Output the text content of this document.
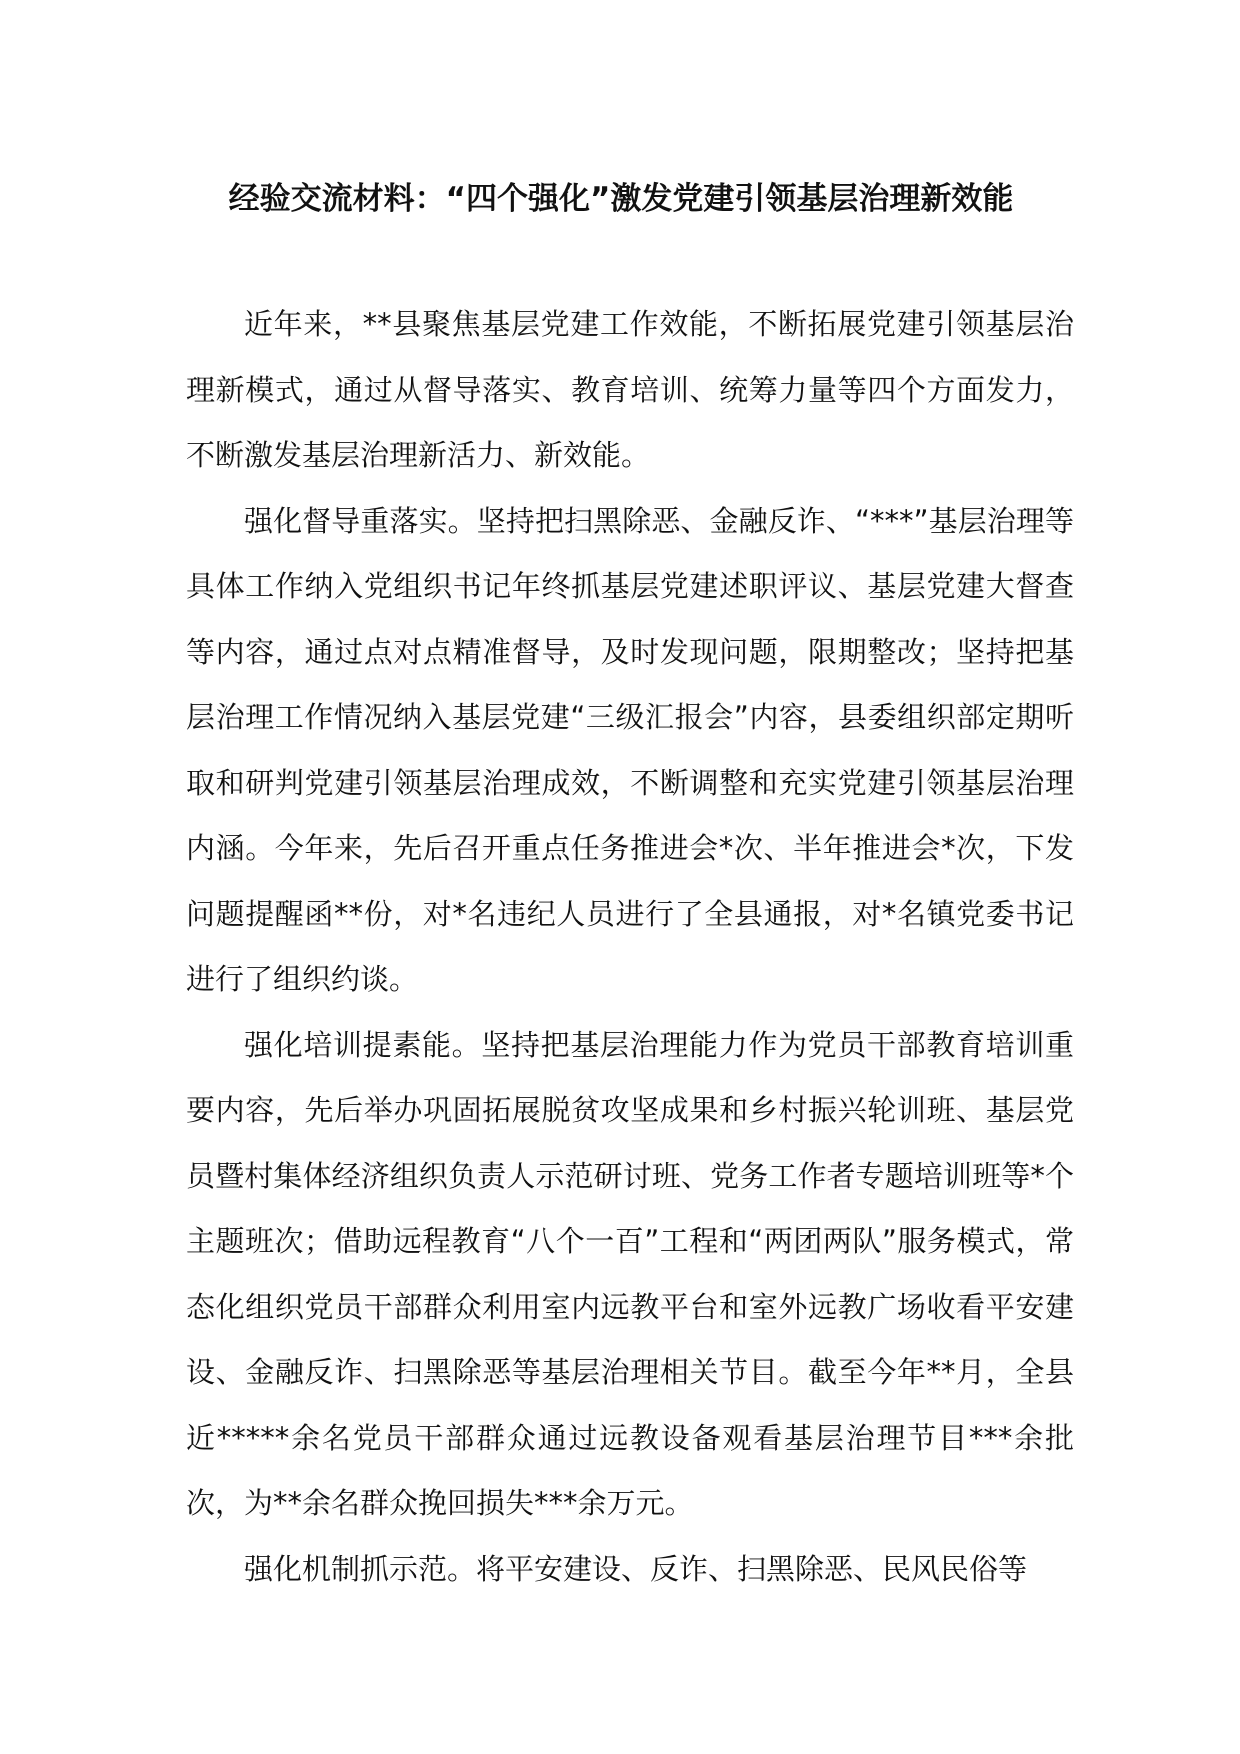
经验交流材料：“四个强化”激发党建引领基层治理新效能

近年来，**县聚焦基层党建工作效能，不断拓展党建引领基层治理新模式，通过从督导落实、教育培训、统筹力量等四个方面发力，不断激发基层治理新活力、新效能。

强化督导重落实。坚持把扫黑除恶、金融反诈、“***”基层治理等具体工作纳入党组织书记年终抓基层党建述职评议、基层党建大督查等内容，通过点对点精准督导，及时发现问题，限期整改；坚持把基层治理工作情况纳入基层党建“三级汇报会”内容，县委组织部定期听取和研判党建引领基层治理成效，不断调整和充实党建引领基层治理内涵。今年来，先后召开重点任务推进会*次、半年推进会*次，下发问题提醒函**份，对*名违纪人员进行了全县通报，对*名镇党委书记进行了组织约谈。

强化培训提素能。坚持把基层治理能力作为党员干部教育培训重要内容，先后举办巩固拓展脱贫攻坚成果和乡村振兴轮训班、基层党员暨村集体经济组织负责人示范研讨班、党务工作者专题培训班等*个主题班次；借助远程教育“八个一百”工程和“两团两队”服务模式，常态化组织党员干部群众利用室内远教平台和室外远教广场收看平安建设、金融反诈、扫黑除恶等基层治理相关节目。截至今年**月，全县近*****余名党员干部群众通过远教设备观看基层治理节目***余批次，为**余名群众挽回损失***余万元。

强化机制抓示范。将平安建设、反诈、扫黑除恶、民风民俗等
